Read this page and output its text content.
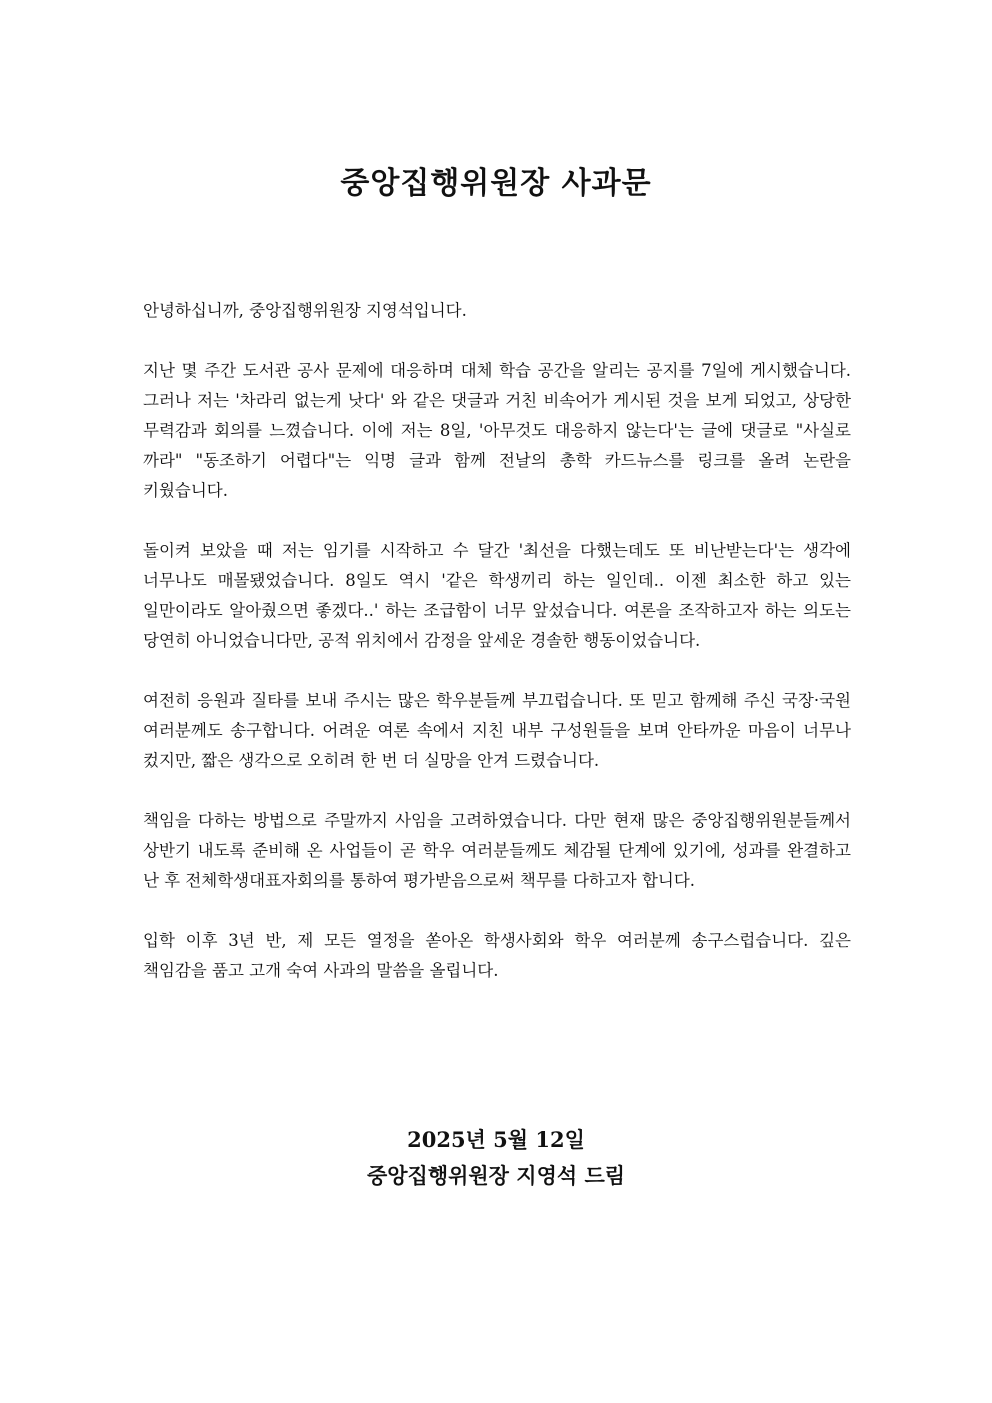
중앙집행위원장 사과문

안녕하십니까, 중앙집행위원장 지영석입니다.

지난 몇 주간 도서관 공사 문제에 대응하며 대체 학습 공간을 알리는 공지를 7일에 게시했습니다. 그러나 저는 '차라리 없는게 낫다' 와 같은 댓글과 거친 비속어가 게시된 것을 보게 되었고, 상당한 무력감과 회의를 느꼈습니다. 이에 저는 8일, '아무것도 대응하지 않는다'는 글에 댓글로 "사실로 까라" "동조하기 어렵다"는 익명 글과 함께 전날의 총학 카드뉴스를 링크를 올려 논란을 키웠습니다.

돌이켜 보았을 때 저는 임기를 시작하고 수 달간 '최선을 다했는데도 또 비난받는다'는 생각에 너무나도 매몰됐었습니다. 8일도 역시 '같은 학생끼리 하는 일인데.. 이젠 최소한 하고 있는 일만이라도 알아줬으면 좋겠다..' 하는 조급함이 너무 앞섰습니다. 여론을 조작하고자 하는 의도는 당연히 아니었습니다만, 공적 위치에서 감정을 앞세운 경솔한 행동이었습니다.

여전히 응원과 질타를 보내 주시는 많은 학우분들께 부끄럽습니다. 또 믿고 함께해 주신 국장·국원 여러분께도 송구합니다. 어려운 여론 속에서 지친 내부 구성원들을 보며 안타까운 마음이 너무나 컸지만, 짧은 생각으로 오히려 한 번 더 실망을 안겨 드렸습니다.

책임을 다하는 방법으로 주말까지 사임을 고려하였습니다. 다만 현재 많은 중앙집행위원분들께서 상반기 내도록 준비해 온 사업들이 곧 학우 여러분들께도 체감될 단계에 있기에, 성과를 완결하고 난 후 전체학생대표자회의를 통하여 평가받음으로써 책무를 다하고자 합니다.

입학 이후 3년 반, 제 모든 열정을 쏟아온 학생사회와 학우 여러분께 송구스럽습니다. 깊은 책임감을 품고 고개 숙여 사과의 말씀을 올립니다.

2025년 5월 12일

중앙집행위원장 지영석 드림
